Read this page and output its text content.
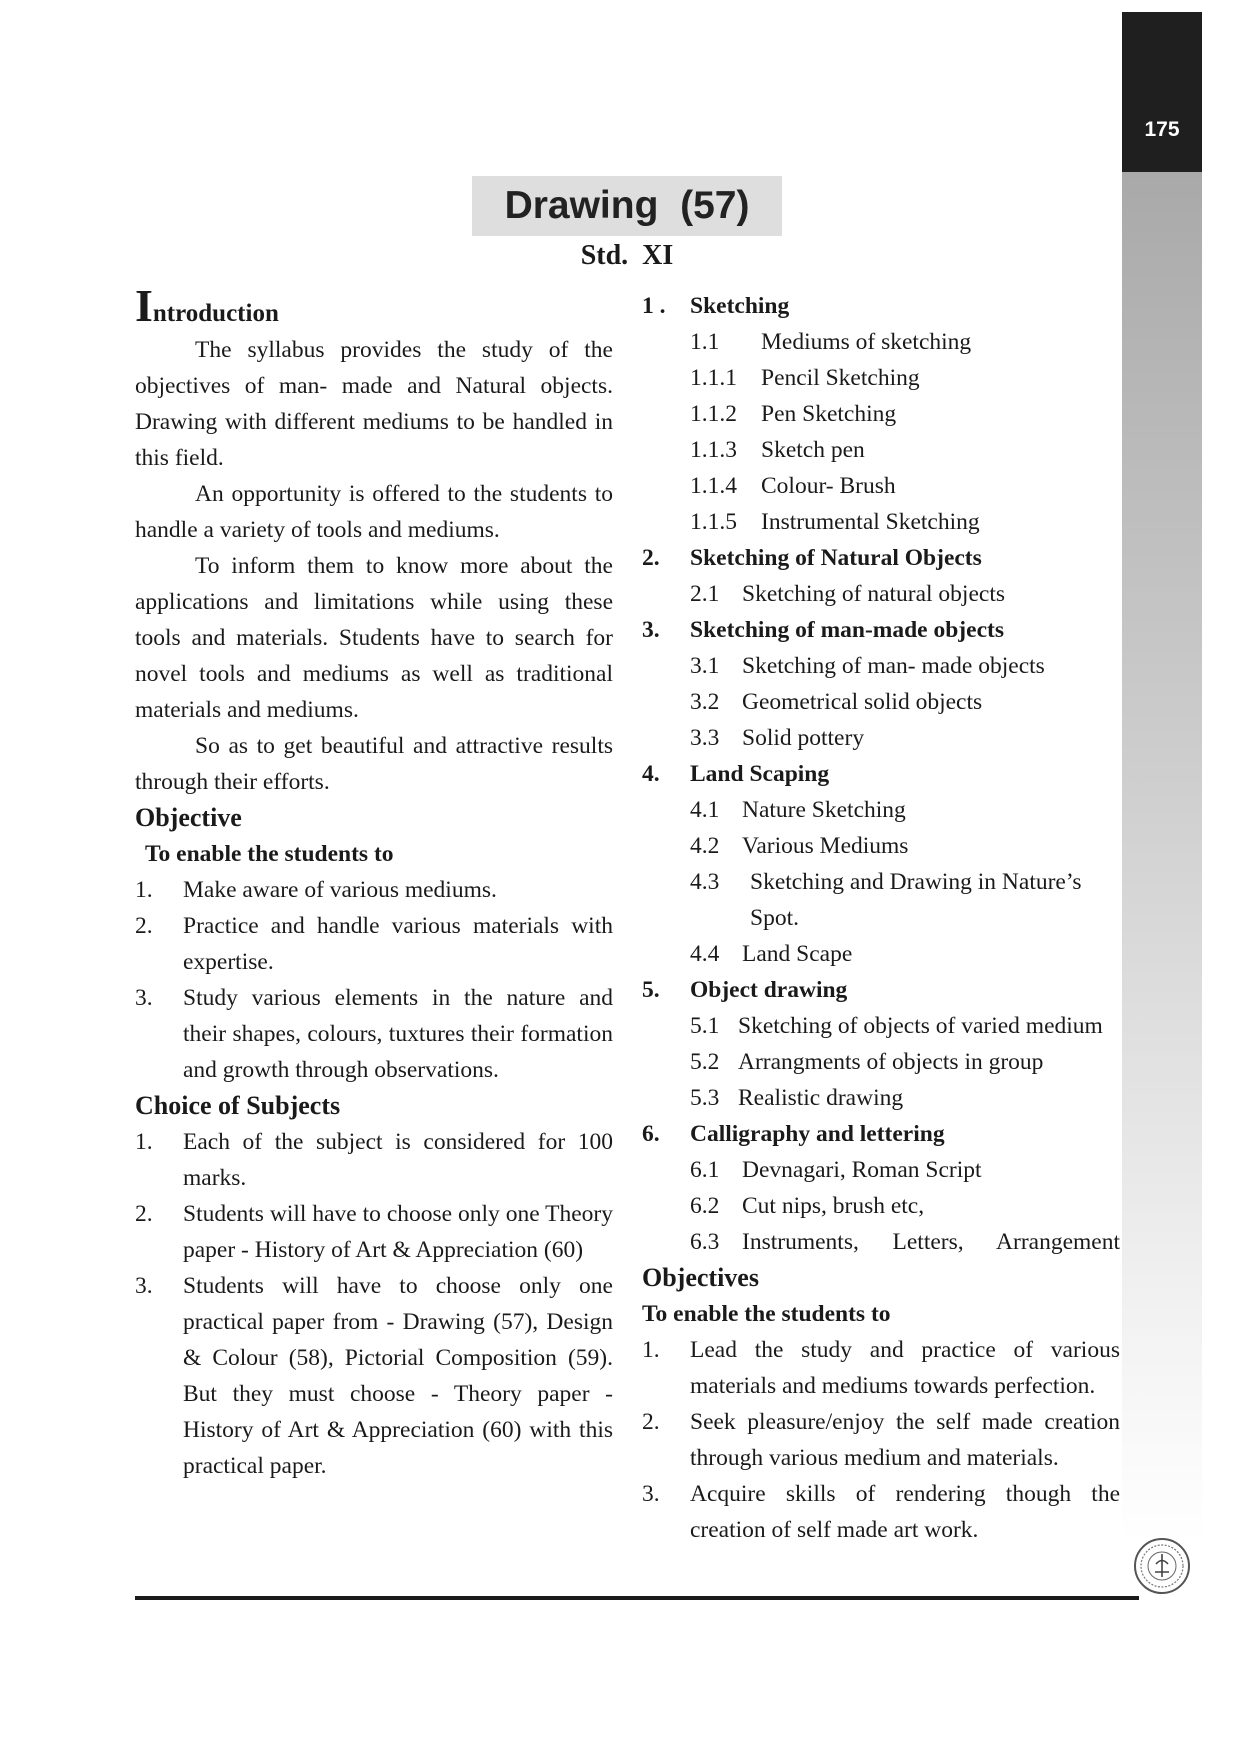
175
Drawing  (57)
Std.  XI

Introduction

The syllabus provides the study of the objectives of man- made and Natural objects. Drawing with different mediums to be handled in this field.

An opportunity is offered to the students to handle a variety of tools and mediums.

To inform them to know more about the applications and limitations while using these tools and materials. Students have to search for novel tools and mediums as well as traditional materials and mediums.

So as to get beautiful and attractive results through their efforts.

Objective

To enable the students to

1.	Make aware of various mediums.
2.	Practice and handle various materials with expertise.
3.	Study various elements in the nature and their shapes, colours, tuxtures their formation and growth through observations.

Choice of Subjects

1.	Each of the subject is considered for 100 marks.
2.	Students will have to choose only one Theory paper - History of Art & Appreciation (60)
3.	Students will have to choose only one practical paper from - Drawing (57), Design & Colour (58), Pictorial Composition (59). But they must choose - Theory paper - History of Art & Appreciation (60) with this practical paper.
1 .	Sketching
1.1	Mediums of sketching
1.1.1	Pencil Sketching
1.1.2	Pen Sketching
1.1.3	Sketch pen
1.1.4	Colour- Brush
1.1.5	Instrumental Sketching
2.	Sketching of Natural Objects
2.1 Sketching of natural objects
3.	Sketching of man-made objects
3.1 Sketching of man- made objects
3.2 Geometrical solid objects
3.3 Solid pottery
4.	Land Scaping
4.1 Nature Sketching
4.2 Various Mediums
4.3	Sketching and Drawing in Nature’s Spot.
4.4 Land Scape
5.	Object drawing
5.1 Sketching of objects of varied medium
5.2 Arrangments of objects in group
5.3 Realistic drawing
6.	Calligraphy and lettering
6.1 Devnagari, Roman Script
6.2 Cut nips, brush etc,
6.3 Instruments, Letters, Arrangement

Objectives

To enable the students to

1.	Lead the study and practice of various materials and mediums towards perfection.
2.	Seek pleasure/enjoy the self made creation through various medium and materials.
3.	Acquire skills of rendering though the creation of self made art work.
